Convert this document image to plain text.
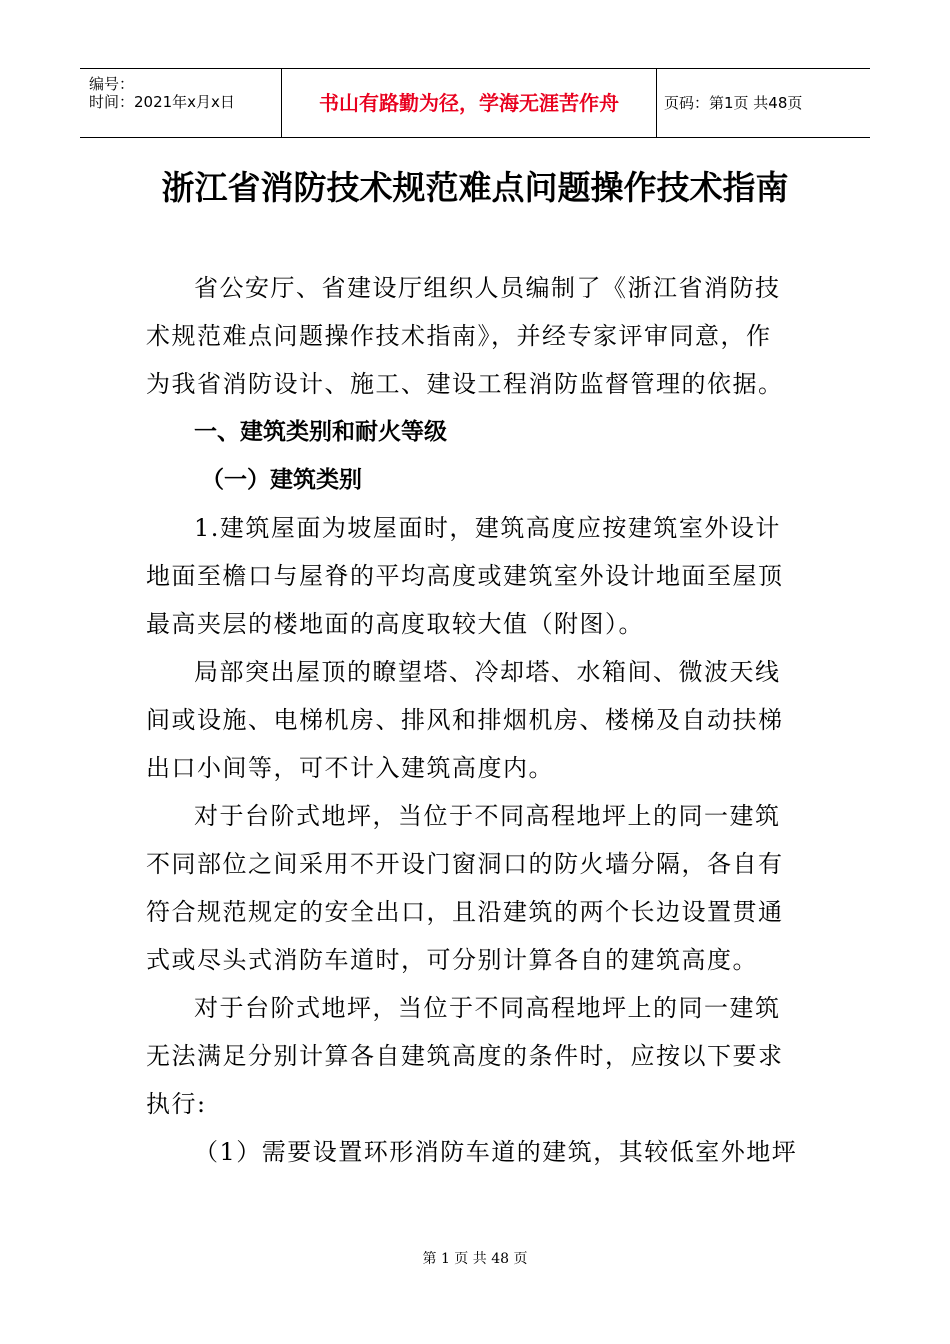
编号：
时间：2021年x月x日	书山有路勤为径，学海无涯苦作舟	页码：第1页 共48页
浙江省消防技术规范难点问题操作技术指南

省公安厅、省建设厅组织人员编制了《浙江省消防技
术规范难点问题操作技术指南》，并经专家评审同意，作
为我省消防设计、施工、建设工程消防监督管理的依据。

一、建筑类别和耐火等级

（一）建筑类别

1.建筑屋面为坡屋面时，建筑高度应按建筑室外设计
地面至檐口与屋脊的平均高度或建筑室外设计地面至屋顶
最高夹层的楼地面的高度取较大值（附图）。

局部突出屋顶的瞭望塔、冷却塔、水箱间、微波天线
间或设施、电梯机房、排风和排烟机房、楼梯及自动扶梯
出口小间等，可不计入建筑高度内。

对于台阶式地坪，当位于不同高程地坪上的同一建筑
不同部位之间采用不开设门窗洞口的防火墙分隔，各自有
符合规范规定的安全出口，且沿建筑的两个长边设置贯通
式或尽头式消防车道时，可分别计算各自的建筑高度。

对于台阶式地坪，当位于不同高程地坪上的同一建筑
无法满足分别计算各自建筑高度的条件时，应按以下要求
执行:

（1）需要设置环形消防车道的建筑，其较低室外地坪

第 1 页 共 48 页
